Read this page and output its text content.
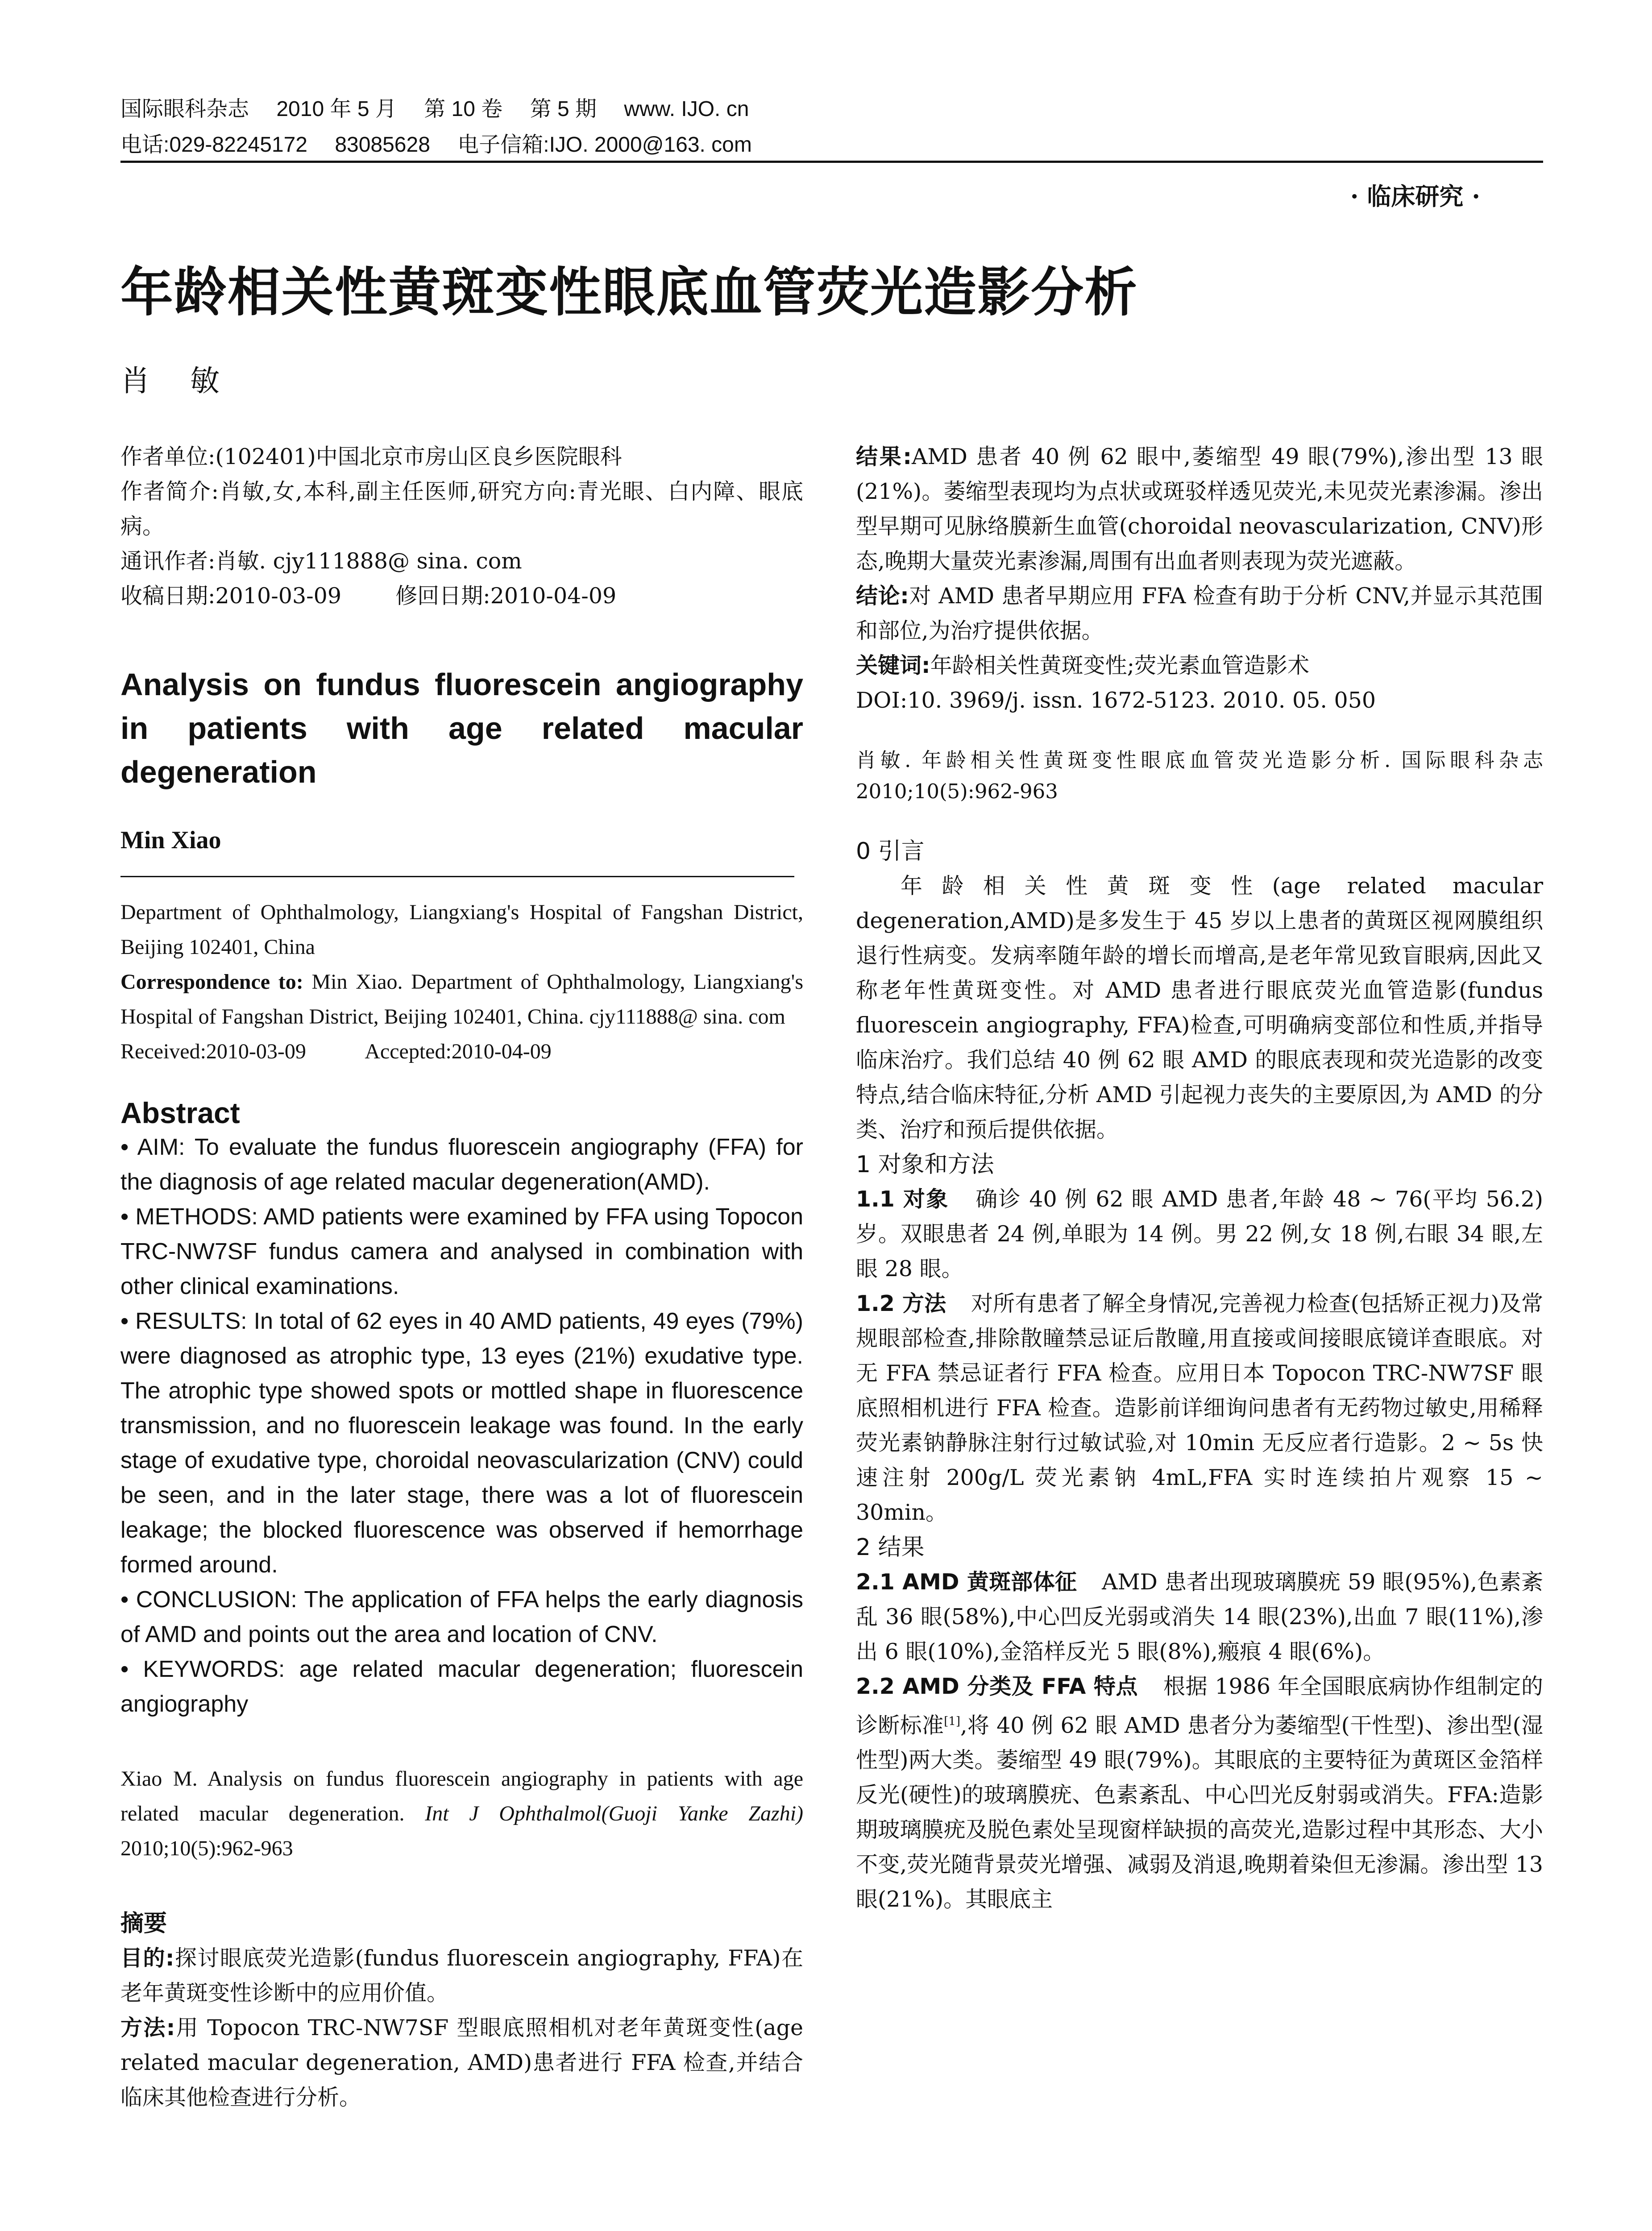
国际眼科杂志 2010 年 5 月 第 10 卷 第 5 期 www. IJO. cn
电话:029-82245172 83085628 电子信箱:IJO. 2000@163. com
· 临床研究 ·
年龄相关性黄斑变性眼底血管荧光造影分析
肖敏

作者单位:(102401)中国北京市房山区良乡医院眼科

作者简介:肖敏,女,本科,副主任医师,研究方向:青光眼、白内障、眼底病。

通讯作者:肖敏. cjy111888@ sina. com

收稿日期:2010-03-09 修回日期:2010-04-09

Analysis on fundus fluorescein angiography in patients with age related macular degeneration

Min Xiao

Department of Ophthalmology, Liangxiang's Hospital of Fangshan District, Beijing 102401, China

Correspondence to: Min Xiao. Department of Ophthalmology, Liangxiang's Hospital of Fangshan District, Beijing 102401, China. cjy111888@ sina. com

Received:2010-03-09	Accepted:2010-04-09

Abstract

• AIM: To evaluate the fundus fluorescein angiography (FFA) for the diagnosis of age related macular degeneration(AMD).

• METHODS: AMD patients were examined by FFA using Topocon TRC-NW7SF fundus camera and analysed in combination with other clinical examinations.

• RESULTS: In total of 62 eyes in 40 AMD patients, 49 eyes (79%) were diagnosed as atrophic type, 13 eyes (21%) exudative type. The atrophic type showed spots or mottled shape in fluorescence transmission, and no fluorescein leakage was found. In the early stage of exudative type, choroidal neovascularization (CNV) could be seen, and in the later stage, there was a lot of fluorescein leakage; the blocked fluorescence was observed if hemorrhage formed around.

• CONCLUSION: The application of FFA helps the early diagnosis of AMD and points out the area and location of CNV.

• KEYWORDS: age related macular degeneration; fluorescein angiography

Xiao M. Analysis on fundus fluorescein angiography in patients with age related macular degeneration. Int J Ophthalmol(Guoji Yanke Zazhi) 2010;10(5):962-963

摘要

目的:探讨眼底荧光造影(fundus fluorescein angiography, FFA)在老年黄斑变性诊断中的应用价值。

方法:用 Topocon TRC-NW7SF 型眼底照相机对老年黄斑变性(age related macular degeneration, AMD)患者进行 FFA 检查,并结合临床其他检查进行分析。

结果:AMD 患者 40 例 62 眼中,萎缩型 49 眼(79%),渗出型 13 眼(21%)。萎缩型表现均为点状或斑驳样透见荧光,未见荧光素渗漏。渗出型早期可见脉络膜新生血管(choroidal neovascularization, CNV)形态,晚期大量荧光素渗漏,周围有出血者则表现为荧光遮蔽。

结论:对 AMD 患者早期应用 FFA 检查有助于分析 CNV,并显示其范围和部位,为治疗提供依据。

关键词:年龄相关性黄斑变性;荧光素血管造影术

DOI:10. 3969/j. issn. 1672-5123. 2010. 05. 050

肖敏. 年龄相关性黄斑变性眼底血管荧光造影分析. 国际眼科杂志 2010;10(5):962-963

0 引言

年龄相关性黄斑变性(age related macular degeneration,AMD)是多发生于 45 岁以上患者的黄斑区视网膜组织退行性病变。发病率随年龄的增长而增高,是老年常见致盲眼病,因此又称老年性黄斑变性。对 AMD 患者进行眼底荧光血管造影(fundus fluorescein angiography, FFA)检查,可明确病变部位和性质,并指导临床治疗。我们总结 40 例 62 眼 AMD 的眼底表现和荧光造影的改变特点,结合临床特征,分析 AMD 引起视力丧失的主要原因,为 AMD 的分类、治疗和预后提供依据。

1 对象和方法

1.1 对象 确诊 40 例 62 眼 AMD 患者,年龄 48 ~ 76(平均 56.2)岁。双眼患者 24 例,单眼为 14 例。男 22 例,女 18 例,右眼 34 眼,左眼 28 眼。

1.2 方法 对所有患者了解全身情况,完善视力检查(包括矫正视力)及常规眼部检查,排除散瞳禁忌证后散瞳,用直接或间接眼底镜详查眼底。对无 FFA 禁忌证者行 FFA 检查。应用日本 Topocon TRC-NW7SF 眼底照相机进行 FFA 检查。造影前详细询问患者有无药物过敏史,用稀释荧光素钠静脉注射行过敏试验,对 10min 无反应者行造影。2 ~ 5s 快速注射 200g/L 荧光素钠 4mL,FFA 实时连续拍片观察 15 ~ 30min。

2 结果

2.1 AMD 黄斑部体征 AMD 患者出现玻璃膜疣 59 眼(95%),色素紊乱 36 眼(58%),中心凹反光弱或消失 14 眼(23%),出血 7 眼(11%),渗出 6 眼(10%),金箔样反光 5 眼(8%),瘢痕 4 眼(6%)。

2.2 AMD 分类及 FFA 特点 根据 1986 年全国眼底病协作组制定的诊断标准[1],将 40 例 62 眼 AMD 患者分为萎缩型(干性型)、渗出型(湿性型)两大类。萎缩型 49 眼(79%)。其眼底的主要特征为黄斑区金箔样反光(硬性)的玻璃膜疣、色素紊乱、中心凹光反射弱或消失。FFA:造影期玻璃膜疣及脱色素处呈现窗样缺损的高荧光,造影过程中其形态、大小不变,荧光随背景荧光增强、减弱及消退,晚期着染但无渗漏。渗出型 13 眼(21%)。其眼底主
